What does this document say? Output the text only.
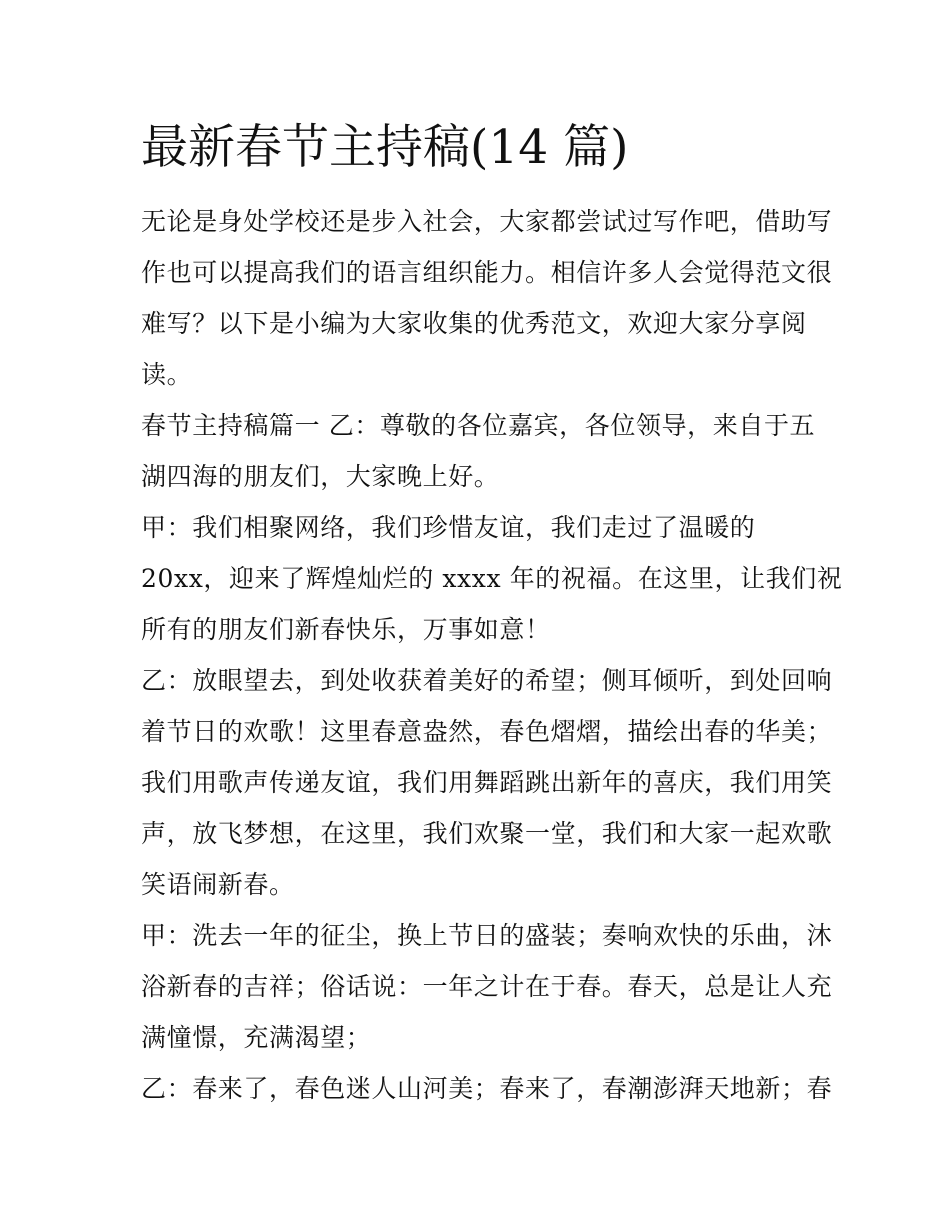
最新春节主持稿(14 篇)

无论是身处学校还是步入社会，大家都尝试过写作吧，借助写
作也可以提高我们的语言组织能力。相信许多人会觉得范文很
难写？以下是小编为大家收集的优秀范文，欢迎大家分享阅
读。

春节主持稿篇一 乙：尊敬的各位嘉宾，各位领导，来自于五
湖四海的朋友们，大家晚上好。

甲：我们相聚网络，我们珍惜友谊，我们走过了温暖的
20xx，迎来了辉煌灿烂的 xxxx 年的祝福。在这里，让我们祝
所有的朋友们新春快乐，万事如意！

乙：放眼望去，到处收获着美好的希望；侧耳倾听，到处回响
着节日的欢歌！这里春意盎然，春色熠熠，描绘出春的华美；
我们用歌声传递友谊，我们用舞蹈跳出新年的喜庆，我们用笑
声，放飞梦想，在这里，我们欢聚一堂，我们和大家一起欢歌
笑语闹新春。

甲：洗去一年的征尘，换上节日的盛装；奏响欢快的乐曲，沐
浴新春的吉祥；俗话说：一年之计在于春。春天，总是让人充
满憧憬，充满渴望；

乙：春来了，春色迷人山河美；春来了，春潮澎湃天地新；春
